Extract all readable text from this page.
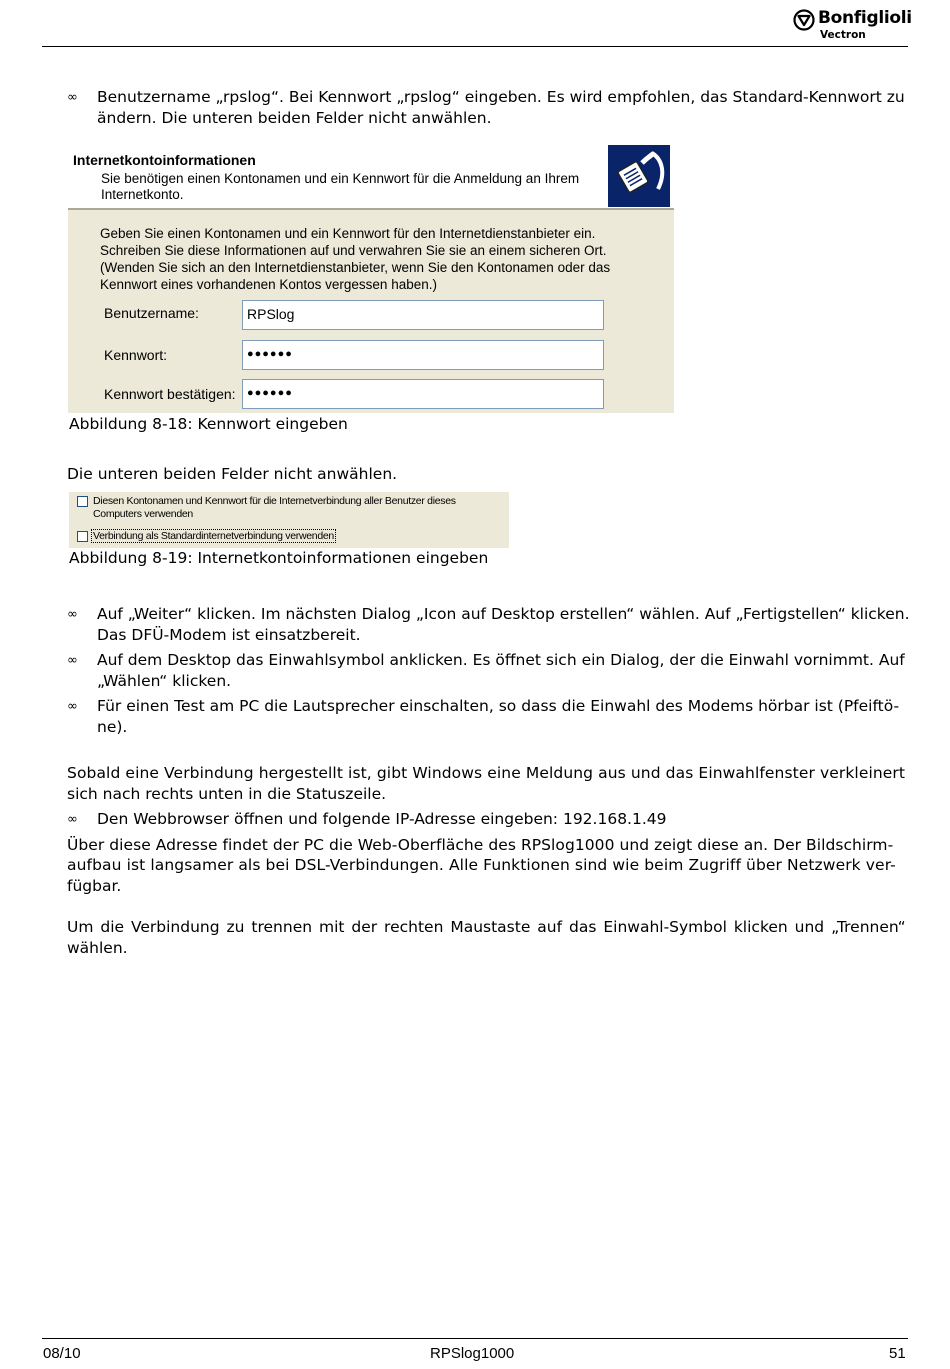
Bonfiglioli
Vectron
∞ Benutzername „rpslog“. Bei Kennwort „rpslog“ eingeben. Es wird empfohlen, das Standard-Kennwort zu
ändern. Die unteren beiden Felder nicht anwählen.
Internetkontoinformationen
Sie benötigen einen Kontonamen und ein Kennwort für die Anmeldung an Ihrem
Internetkonto.
Geben Sie einen Kontonamen und ein Kennwort für den Internetdienstanbieter ein.
Schreiben Sie diese Informationen auf und verwahren Sie sie an einem sicheren Ort.
(Wenden Sie sich an den Internetdienstanbieter, wenn Sie den Kontonamen oder das
Kennwort eines vorhandenen Kontos vergessen haben.)
Benutzername:	RPSlog
Kennwort:	●●●●●●
Kennwort bestätigen:	●●●●●●
Abbildung 8-18: Kennwort eingeben
Die unteren beiden Felder nicht anwählen.
Diesen Kontonamen und Kennwort für die Internetverbindung aller Benutzer dieses
Computers verwenden
Verbindung als Standardinternetverbindung verwenden
Abbildung 8-19: Internetkontoinformationen eingeben
∞ Auf „Weiter“ klicken. Im nächsten Dialog „Icon auf Desktop erstellen“ wählen. Auf „Fertigstellen“ klicken.
Das DFÜ-Modem ist einsatzbereit.
∞ Auf dem Desktop das Einwahlsymbol anklicken. Es öffnet sich ein Dialog, der die Einwahl vornimmt. Auf
„Wählen“ klicken.
∞ Für einen Test am PC die Lautsprecher einschalten, so dass die Einwahl des Modems hörbar ist (Pfeiftö-
ne).
Sobald eine Verbindung hergestellt ist, gibt Windows eine Meldung aus und das Einwahlfenster verkleinert
sich nach rechts unten in die Statuszeile.
∞ Den Webbrowser öffnen und folgende IP-Adresse eingeben: 192.168.1.49
Über diese Adresse findet der PC die Web-Oberfläche des RPSlog1000 und zeigt diese an. Der Bildschirm-
aufbau ist langsamer als bei DSL-Verbindungen. Alle Funktionen sind wie beim Zugriff über Netzwerk ver-
fügbar.
Um die Verbindung zu trennen mit der rechten Maustaste auf das Einwahl-Symbol klicken und „Trennen“
wählen.
08/10	RPSlog1000	51
